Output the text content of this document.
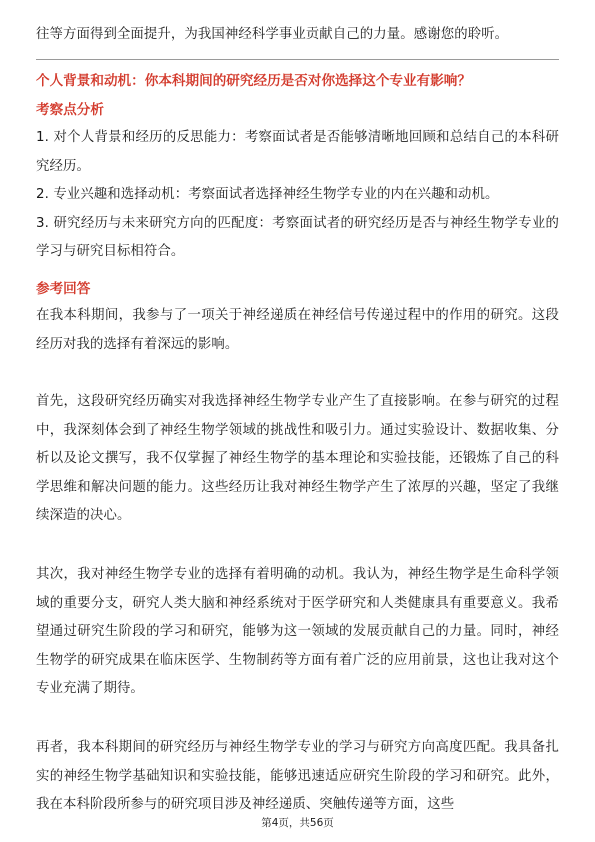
往等方面得到全面提升，为我国神经科学事业贡献自己的力量。感谢您的聆听。

个人背景和动机：你本科期间的研究经历是否对你选择这个专业有影响？

考察点分析

1. 对个人背景和经历的反思能力：考察面试者是否能够清晰地回顾和总结自己的本科研究经历。
2. 专业兴趣和选择动机：考察面试者选择神经生物学专业的内在兴趣和动机。
3. 研究经历与未来研究方向的匹配度：考察面试者的研究经历是否与神经生物学专业的学习与研究目标相符合。

参考回答

在我本科期间，我参与了一项关于神经递质在神经信号传递过程中的作用的研究。这段经历对我的选择有着深远的影响。

首先，这段研究经历确实对我选择神经生物学专业产生了直接影响。在参与研究的过程中，我深刻体会到了神经生物学领域的挑战性和吸引力。通过实验设计、数据收集、分析以及论文撰写，我不仅掌握了神经生物学的基本理论和实验技能，还锻炼了自己的科学思维和解决问题的能力。这些经历让我对神经生物学产生了浓厚的兴趣，坚定了我继续深造的决心。

其次，我对神经生物学专业的选择有着明确的动机。我认为，神经生物学是生命科学领域的重要分支，研究人类大脑和神经系统对于医学研究和人类健康具有重要意义。我希望通过研究生阶段的学习和研究，能够为这一领域的发展贡献自己的力量。同时，神经生物学的研究成果在临床医学、生物制药等方面有着广泛的应用前景，这也让我对这个专业充满了期待。

再者，我本科期间的研究经历与神经生物学专业的学习与研究方向高度匹配。我具备扎实的神经生物学基础知识和实验技能，能够迅速适应研究生阶段的学习和研究。此外，我在本科阶段所参与的研究项目涉及神经递质、突触传递等方面，这些

第4页，共56页
